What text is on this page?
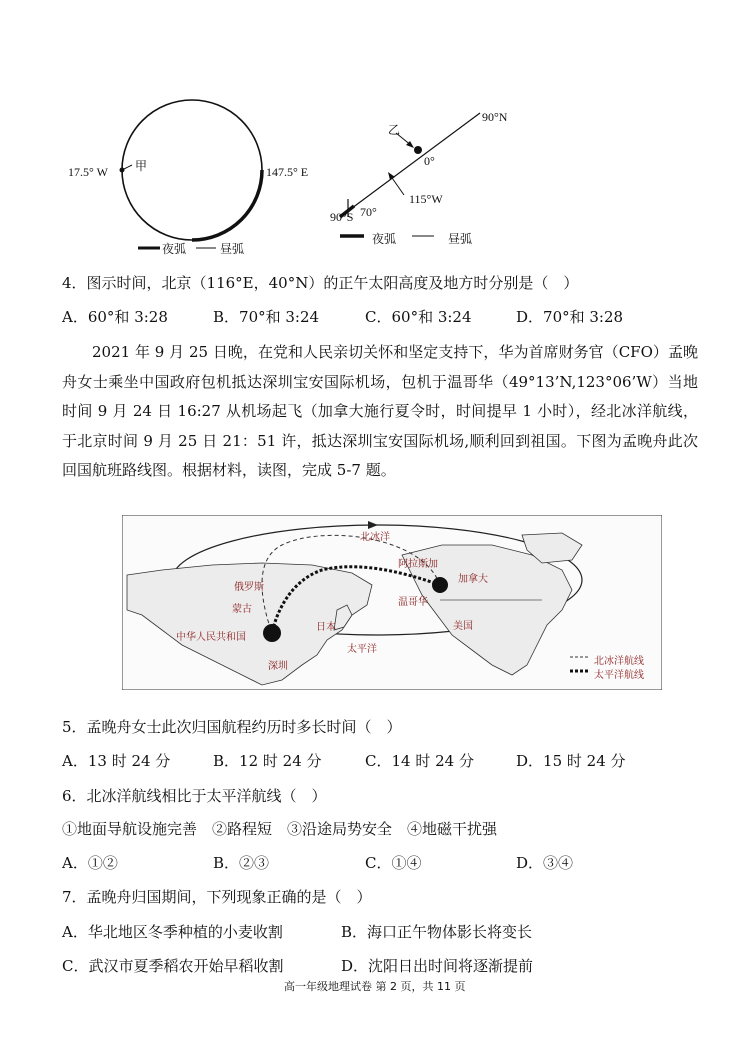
17.5° W 甲	147.5° E
夜弧	昼弧
90°N
乙
0°
115°W
90°S 70°
夜弧	昼弧
4．图示时间，北京（116°E，40°N）的正午太阳高度及地方时分别是（　）
A．60°和 3:28	B．70°和 3:24	C．60°和 3:24	D．70°和 3:28
2021 年 9 月 25 日晚，在党和人民亲切关怀和坚定支持下，华为首席财务官（CFO）孟晚舟女士乘坐中国政府包机抵达深圳宝安国际机场，包机于温哥华（49°13’N,123°06’W）当地时间 9 月 24 日 16:27 从机场起飞（加拿大施行夏令时，时间提早 1 小时），经北冰洋航线，于北京时间 9 月 25 日 21：51 许，抵达深圳宝安国际机场,顺利回到祖国。下图为孟晚舟此次回国航班路线图。根据材料，读图，完成 5-7 题。
北冰洋
阿拉斯加
俄罗斯
蒙古
中华人民共和国
日本
太平洋
深圳
加拿大
温哥华
美国
北冰洋航线
太平洋航线
5．孟晚舟女士此次归国航程约历时多长时间（　）
A．13 时 24 分	B．12 时 24 分	C．14 时 24 分	D．15 时 24 分
6．北冰洋航线相比于太平洋航线（　）
①地面导航设施完善　②路程短　③沿途局势安全　④地磁干扰强
A．①②	B．②③	C．①④	D．③④
7．孟晚舟归国期间，下列现象正确的是（　）
A．华北地区冬季种植的小麦收割	B．海口正午物体影长将变长
C．武汉市夏季稻农开始早稻收割	D．沈阳日出时间将逐渐提前
高一年级地理试卷 第 2 页，共 11 页
